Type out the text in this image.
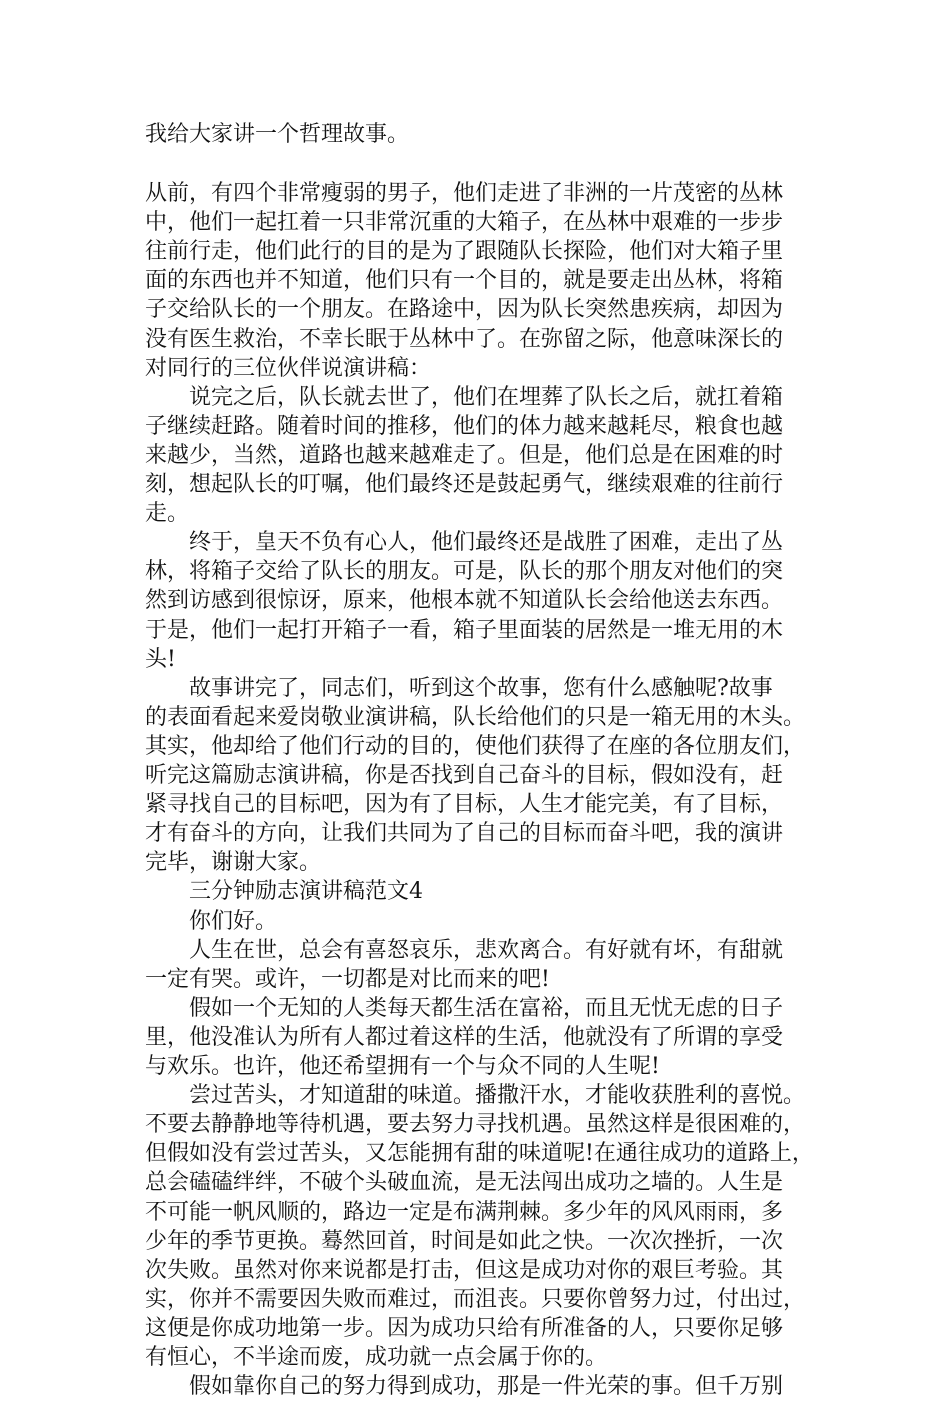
我给大家讲一个哲理故事。
从前，有四个非常瘦弱的男子，他们走进了非洲的一片茂密的丛林
中，他们一起扛着一只非常沉重的大箱子，在丛林中艰难的一步步
往前行走，他们此行的目的是为了跟随队长探险，他们对大箱子里
面的东西也并不知道，他们只有一个目的，就是要走出丛林，将箱
子交给队长的一个朋友。在路途中，因为队长突然患疾病，却因为
没有医生救治，不幸长眠于丛林中了。在弥留之际，他意味深长的
对同行的三位伙伴说演讲稿：
　　说完之后，队长就去世了，他们在埋葬了队长之后，就扛着箱
子继续赶路。随着时间的推移，他们的体力越来越耗尽，粮食也越
来越少，当然，道路也越来越难走了。但是，他们总是在困难的时
刻，想起队长的叮嘱，他们最终还是鼓起勇气，继续艰难的往前行
走。
　　终于，皇天不负有心人，他们最终还是战胜了困难，走出了丛
林，将箱子交给了队长的朋友。可是，队长的那个朋友对他们的突
然到访感到很惊讶，原来，他根本就不知道队长会给他送去东西。
于是，他们一起打开箱子一看，箱子里面装的居然是一堆无用的木
头!
　　故事讲完了，同志们，听到这个故事，您有什么感触呢?故事
的表面看起来爱岗敬业演讲稿，队长给他们的只是一箱无用的木头。
其实，他却给了他们行动的目的，使他们获得了在座的各位朋友们，
听完这篇励志演讲稿，你是否找到自己奋斗的目标，假如没有，赶
紧寻找自己的目标吧，因为有了目标，人生才能完美，有了目标，
才有奋斗的方向，让我们共同为了自己的目标而奋斗吧，我的演讲
完毕，谢谢大家。
　　三分钟励志演讲稿范文4
　　你们好。
　　人生在世，总会有喜怒哀乐，悲欢离合。有好就有坏，有甜就
一定有哭。或许，一切都是对比而来的吧!
　　假如一个无知的人类每天都生活在富裕，而且无忧无虑的日子
里，他没准认为所有人都过着这样的生活，他就没有了所谓的享受
与欢乐。也许，他还希望拥有一个与众不同的人生呢!
　　尝过苦头，才知道甜的味道。播撒汗水，才能收获胜利的喜悦。
不要去静静地等待机遇，要去努力寻找机遇。虽然这样是很困难的，
但假如没有尝过苦头，又怎能拥有甜的味道呢!在通往成功的道路上，
总会磕磕绊绊，不破个头破血流，是无法闯出成功之墙的。人生是
不可能一帆风顺的，路边一定是布满荆棘。多少年的风风雨雨，多
少年的季节更换。蓦然回首，时间是如此之快。一次次挫折，一次
次失败。虽然对你来说都是打击，但这是成功对你的艰巨考验。其
实，你并不需要因失败而难过，而沮丧。只要你曾努力过，付出过，
这便是你成功地第一步。因为成功只给有所准备的人，只要你足够
有恒心，不半途而废，成功就一点会属于你的。
　　假如靠你自己的努力得到成功，那是一件光荣的事。但千万别
